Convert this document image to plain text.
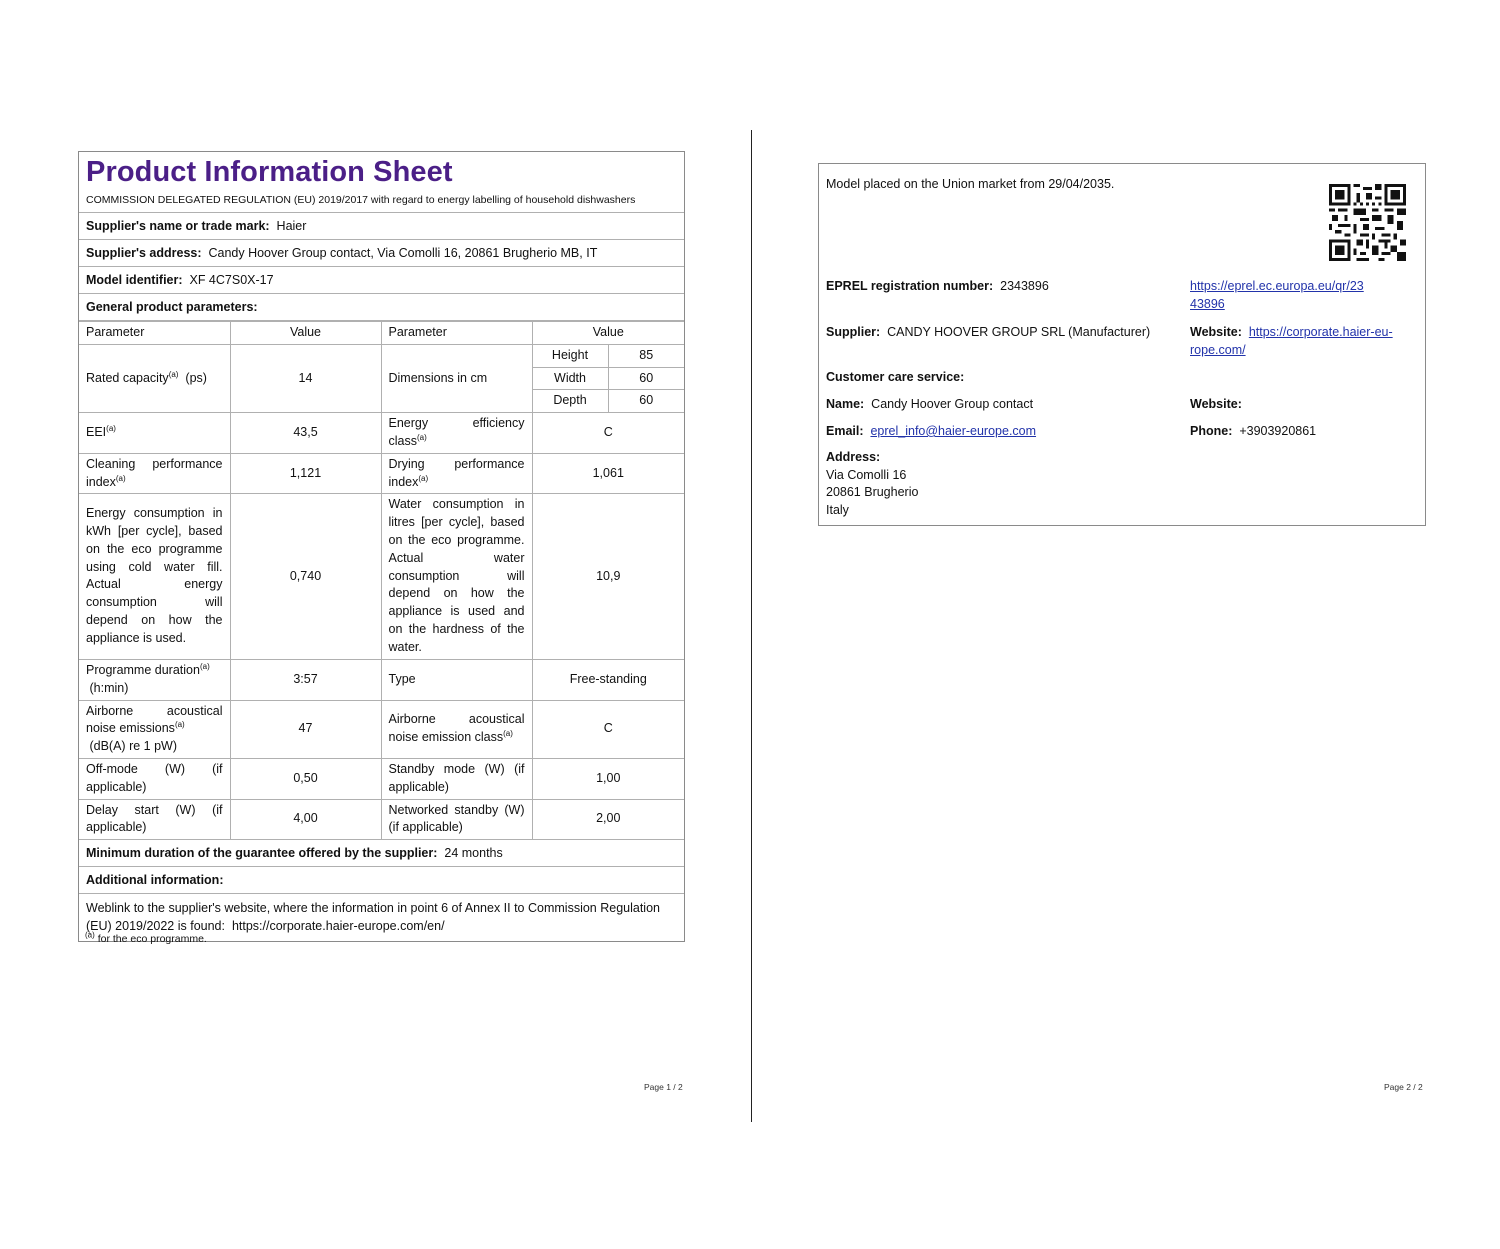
Product Information Sheet
COMMISSION DELEGATED REGULATION (EU) 2019/2017 with regard to energy labelling of household dishwashers
Supplier's name or trade mark: Haier
Supplier's address: Candy Hoover Group contact, Via Comolli 16, 20861 Brugherio MB, IT
Model identifier: XF 4C7S0X-17
General product parameters:
Parameter	Value	Parameter	Value	
Rated capacity$^{(a)}$ (ps)	14	Dimensions in cm	Height	85
			Width	60
			Depth	60
EEI$^{(a)}$	43,5	Energy efficiency class$^{(a)}$	C	
Cleaning performance index$^{(a)}$	1,121	Drying performance index$^{(a)}$	1,061	
Energy consumption in kWh [per cycle], based on the eco programme using cold water fill. Actual energy consumption will depend on how the appliance is used.	0,740	Water consumption in litres [per cycle], based on the eco programme. Actual water consumption will depend on how the appliance is used and on the hardness of the water.	10,9	
Programme duration$^{(a)}$
(h:min)	3:57	Type	Free-standing	
Airborne acoustical noise emissions$^{(a)}$
(dB(A) re 1 pW)	47	Airborne acoustical noise emission class$^{(a)}$	C	
Off-mode (W) (if applicable)	0,50	Standby mode (W) (if applicable)	1,00	
Delay start (W) (if applicable)	4,00	Networked standby (W) (if applicable)	2,00	
Minimum duration of the guarantee offered by the supplier: 24 months
Additional information:
Weblink to the supplier's website, where the information in point 6 of Annex II to Commission Regulation (EU) 2019/2022 is found: https://corporate.haier-europe.com/en/
$^{(a)}$ for the eco programme.
Page 1 / 2
Model placed on the Union market from 29/04/2035.
EPREL registration number: 2343896	https://eprel.ec.europa.eu/qr/23
43896
Supplier: CANDY HOOVER GROUP SRL (Manufacturer)	Website: https://corporate.haier-eu-
rope.com/
Customer care service:
Name: Candy Hoover Group contact	Website:
Email: eprel_info@haier-europe.com	Phone: +3903920861
Address:
Via Comolli 16
20861 Brugherio
Italy
Page 2 / 2
